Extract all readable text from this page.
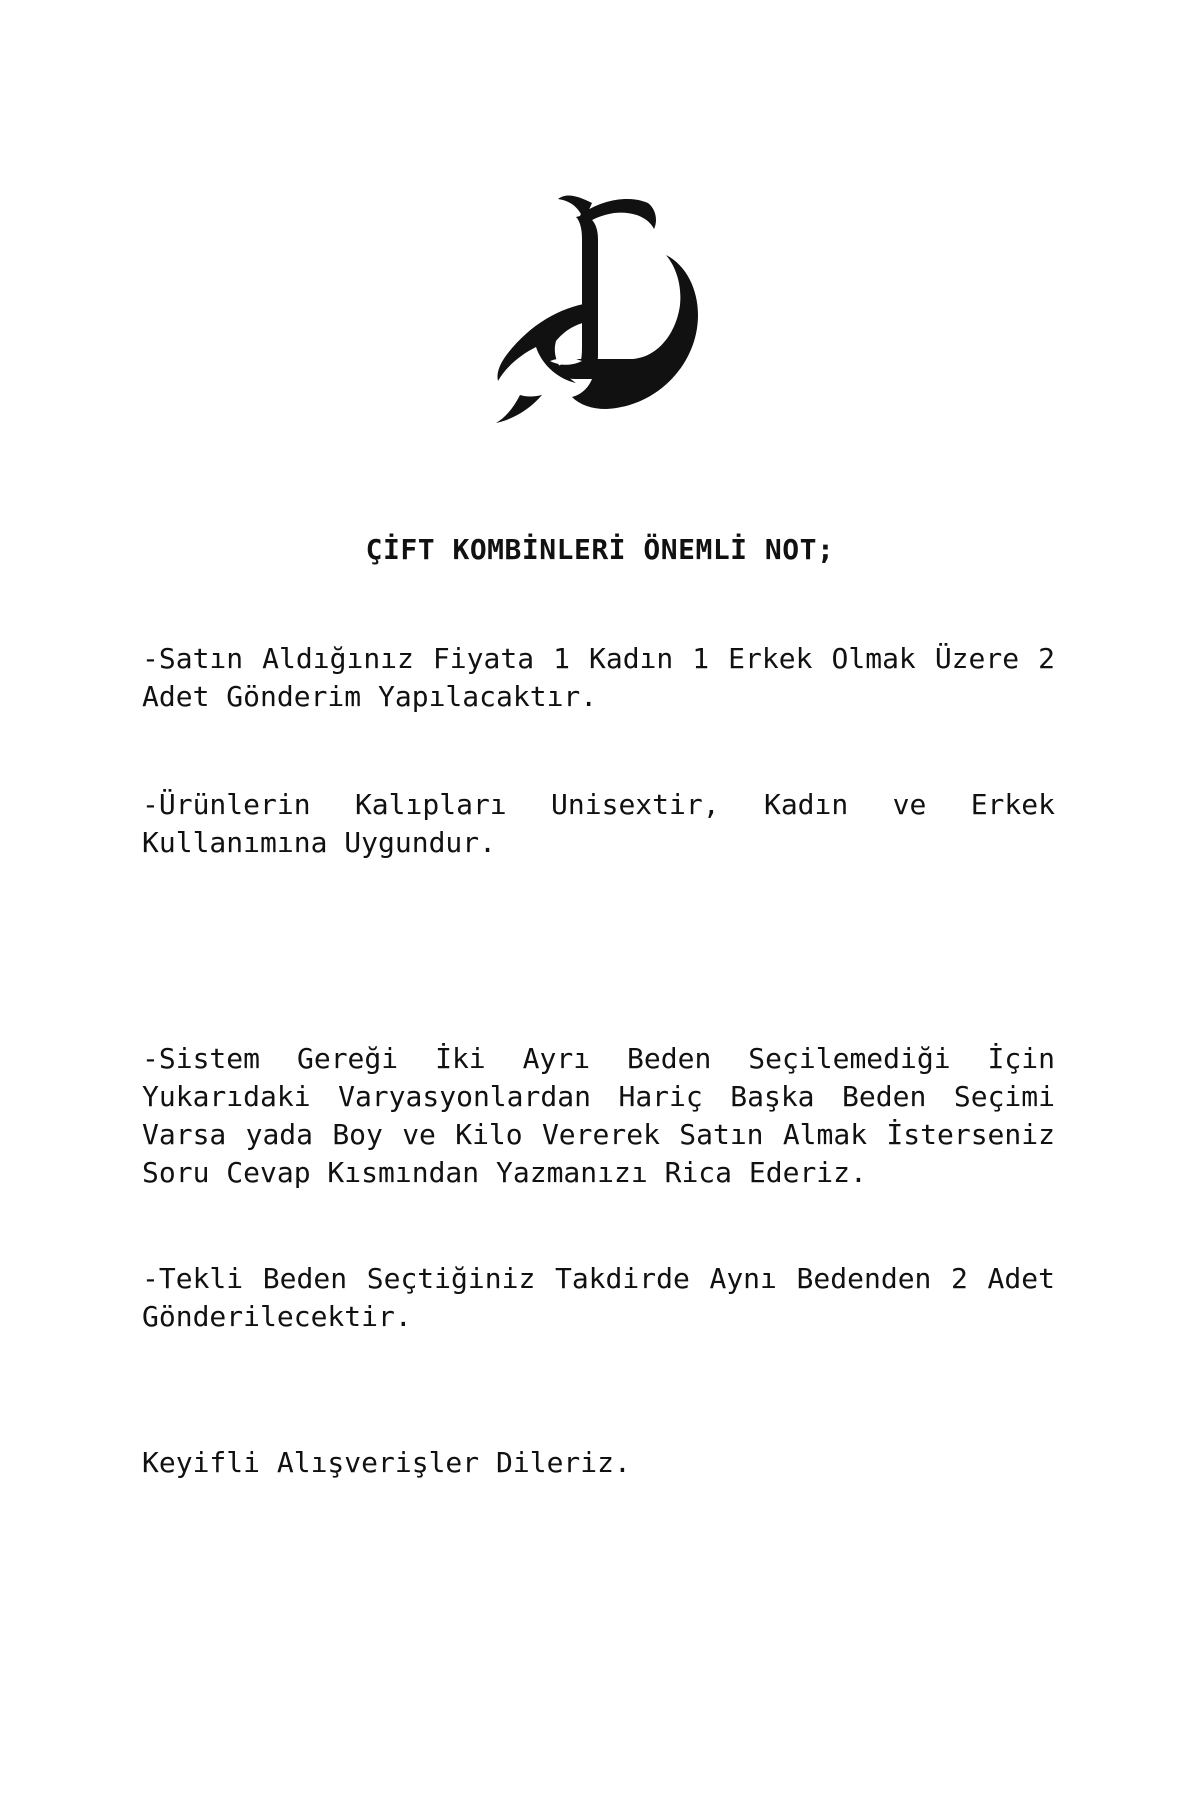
ÇİFT KOMBİNLERİ ÖNEMLİ NOT;

-Satın Aldığınız Fiyata 1 Kadın 1 Erkek Olmak Üzere 2 Adet Gönderim Yapılacaktır.

-Ürünlerin Kalıpları Unisextir, Kadın ve Erkek Kullanımına Uygundur.

-Sistem Gereği İki Ayrı Beden Seçilemediği İçin Yukarıdaki Varyasyonlardan Hariç Başka Beden Seçimi Varsa yada Boy ve Kilo Vererek Satın Almak İsterseniz Soru Cevap Kısmından Yazmanızı Rica Ederiz.

-Tekli Beden Seçtiğiniz Takdirde Aynı Bedenden 2 Adet Gönderilecektir.

Keyifli Alışverişler Dileriz.
